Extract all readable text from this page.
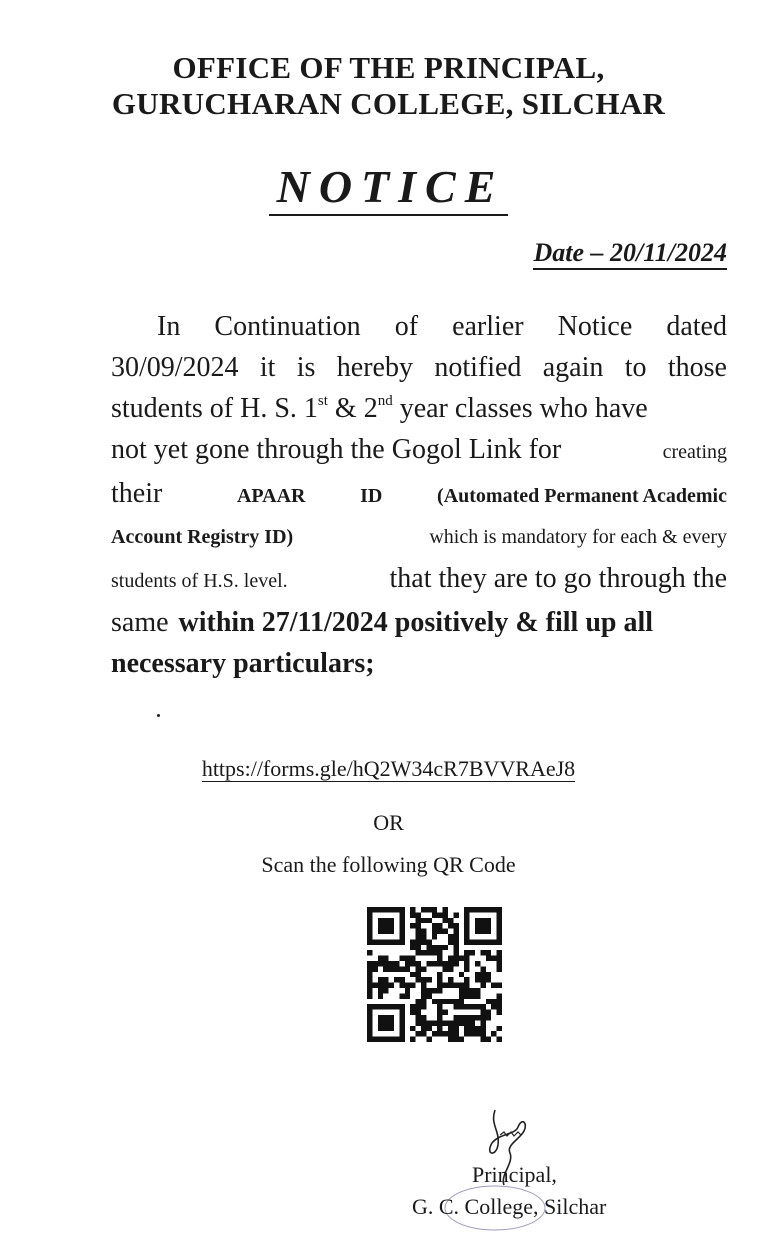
OFFICE OF THE PRINCIPAL,
GURUCHARAN COLLEGE, SILCHAR
NOTICE
Date – 20/11/2024
In Continuation of earlier Notice dated
30/09/2024 it is hereby notified again to those
students of H. S. 1st & 2nd year classes who have
not yet gone through the Gogol Link for	creating
their	APAAR	ID	(Automated Permanent Academic
Account Registry ID)	which is mandatory for each & every
students of H.S. level.	that they are to go through the
same within 27/11/2024 positively & fill up all
necessary particulars;
https://forms.gle/hQ2W34cR7BVVRAeJ8
OR
Scan the following QR Code
Principal,
G. C. College, Silchar
